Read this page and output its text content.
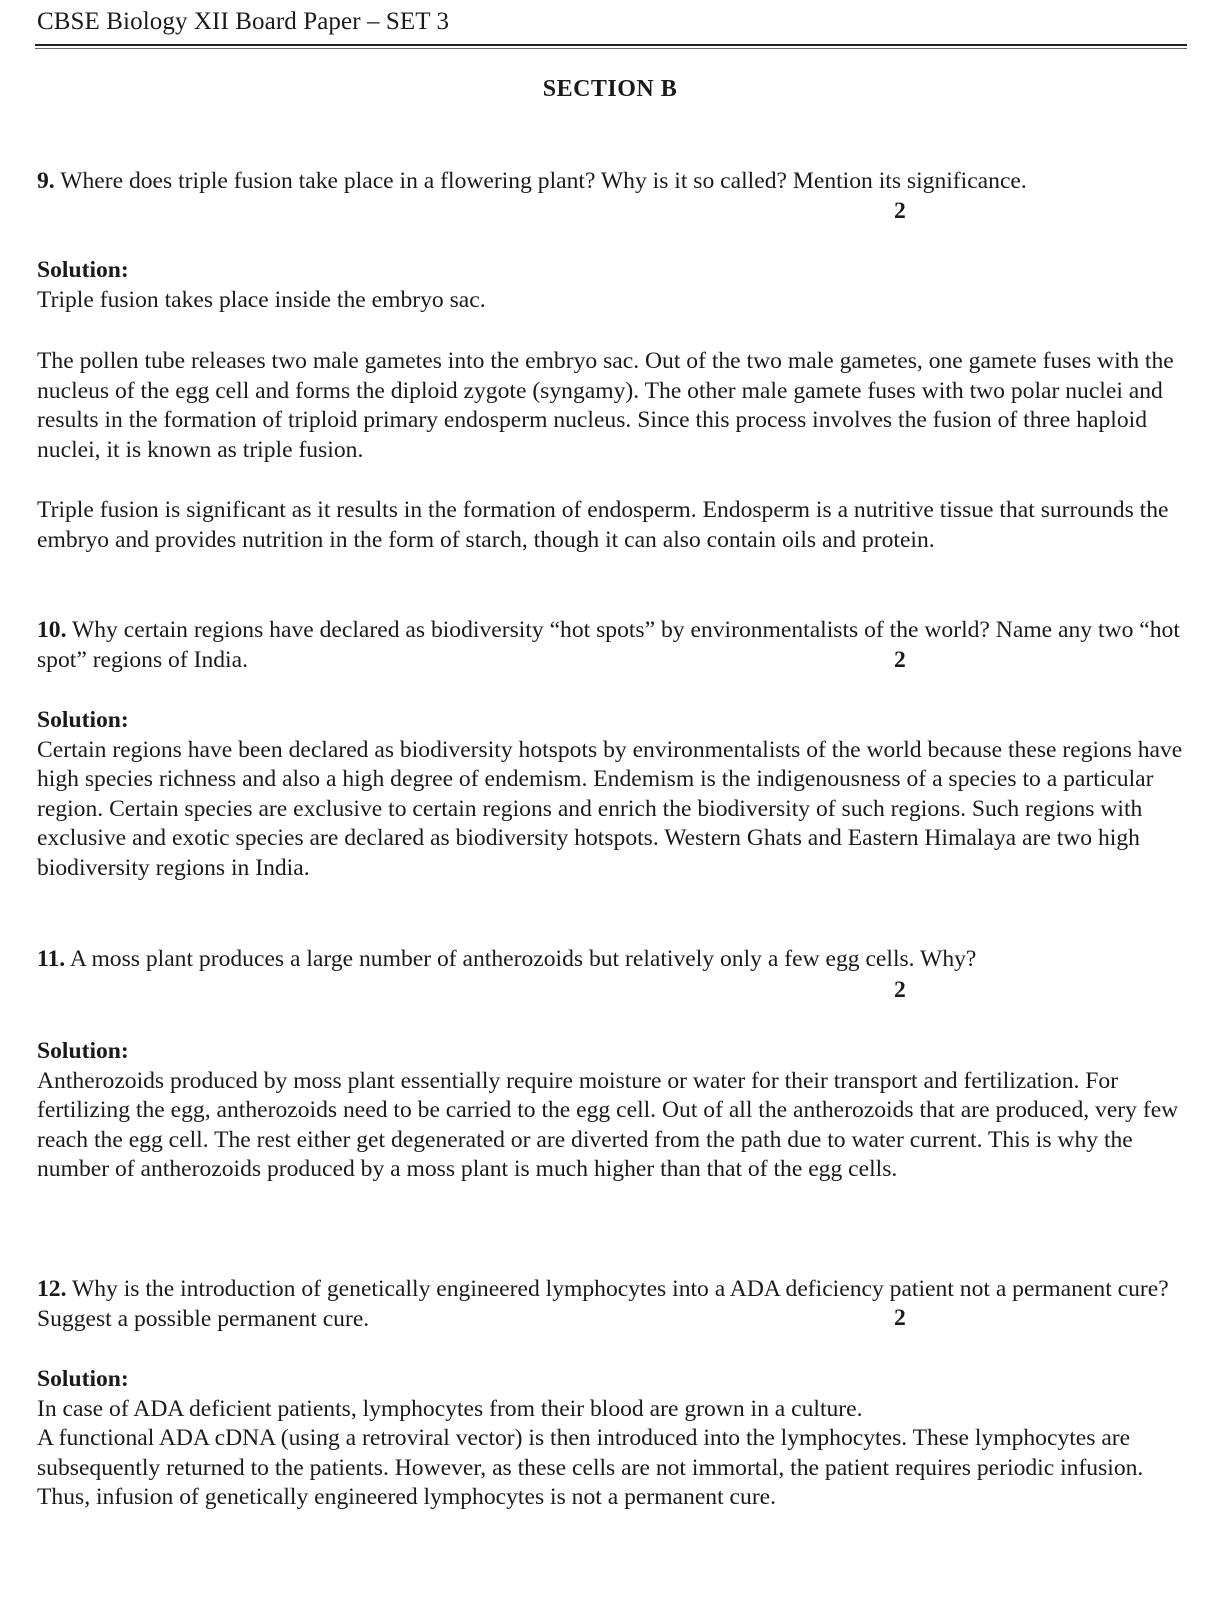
CBSE Biology XII Board Paper – SET 3
SECTION B
9. Where does triple fusion take place in a flowering plant? Why is it so called? Mention its significance.
2
Solution:

Triple fusion takes place inside the embryo sac.

The pollen tube releases two male gametes into the embryo sac. Out of the two male gametes, one gamete fuses with the nucleus of the egg cell and forms the diploid zygote (syngamy). The other male gamete fuses with two polar nuclei and results in the formation of triploid primary endosperm nucleus. Since this process involves the fusion of three haploid nuclei, it is known as triple fusion.

Triple fusion is significant as it results in the formation of endosperm. Endosperm is a nutritive tissue that surrounds the embryo and provides nutrition in the form of starch, though it can also contain oils and protein.

10. Why certain regions have declared as biodiversity “hot spots” by environmentalists of the world? Name any two “hot spot” regions of India.	2
Solution:

Certain regions have been declared as biodiversity hotspots by environmentalists of the world because these regions have high species richness and also a high degree of endemism. Endemism is the indigenousness of a species to a particular region. Certain species are exclusive to certain regions and enrich the biodiversity of such regions. Such regions with exclusive and exotic species are declared as biodiversity hotspots. Western Ghats and Eastern Himalaya are two high biodiversity regions in India.

11. A moss plant produces a large number of antherozoids but relatively only a few egg cells. Why?
2
Solution:

Antherozoids produced by moss plant essentially require moisture or water for their transport and fertilization. For fertilizing the egg, antherozoids need to be carried to the egg cell. Out of all the antherozoids that are produced, very few reach the egg cell. The rest either get degenerated or are diverted from the path due to water current. This is why the number of antherozoids produced by a moss plant is much higher than that of the egg cells.

12. Why is the introduction of genetically engineered lymphocytes into a ADA deficiency patient not a permanent cure? Suggest a possible permanent cure.	2
Solution:

In case of ADA deficient patients, lymphocytes from their blood are grown in a culture.

A functional ADA cDNA (using a retroviral vector) is then introduced into the lymphocytes. These lymphocytes are subsequently returned to the patients. However, as these cells are not immortal, the patient requires periodic infusion. Thus, infusion of genetically engineered lymphocytes is not a permanent cure.
